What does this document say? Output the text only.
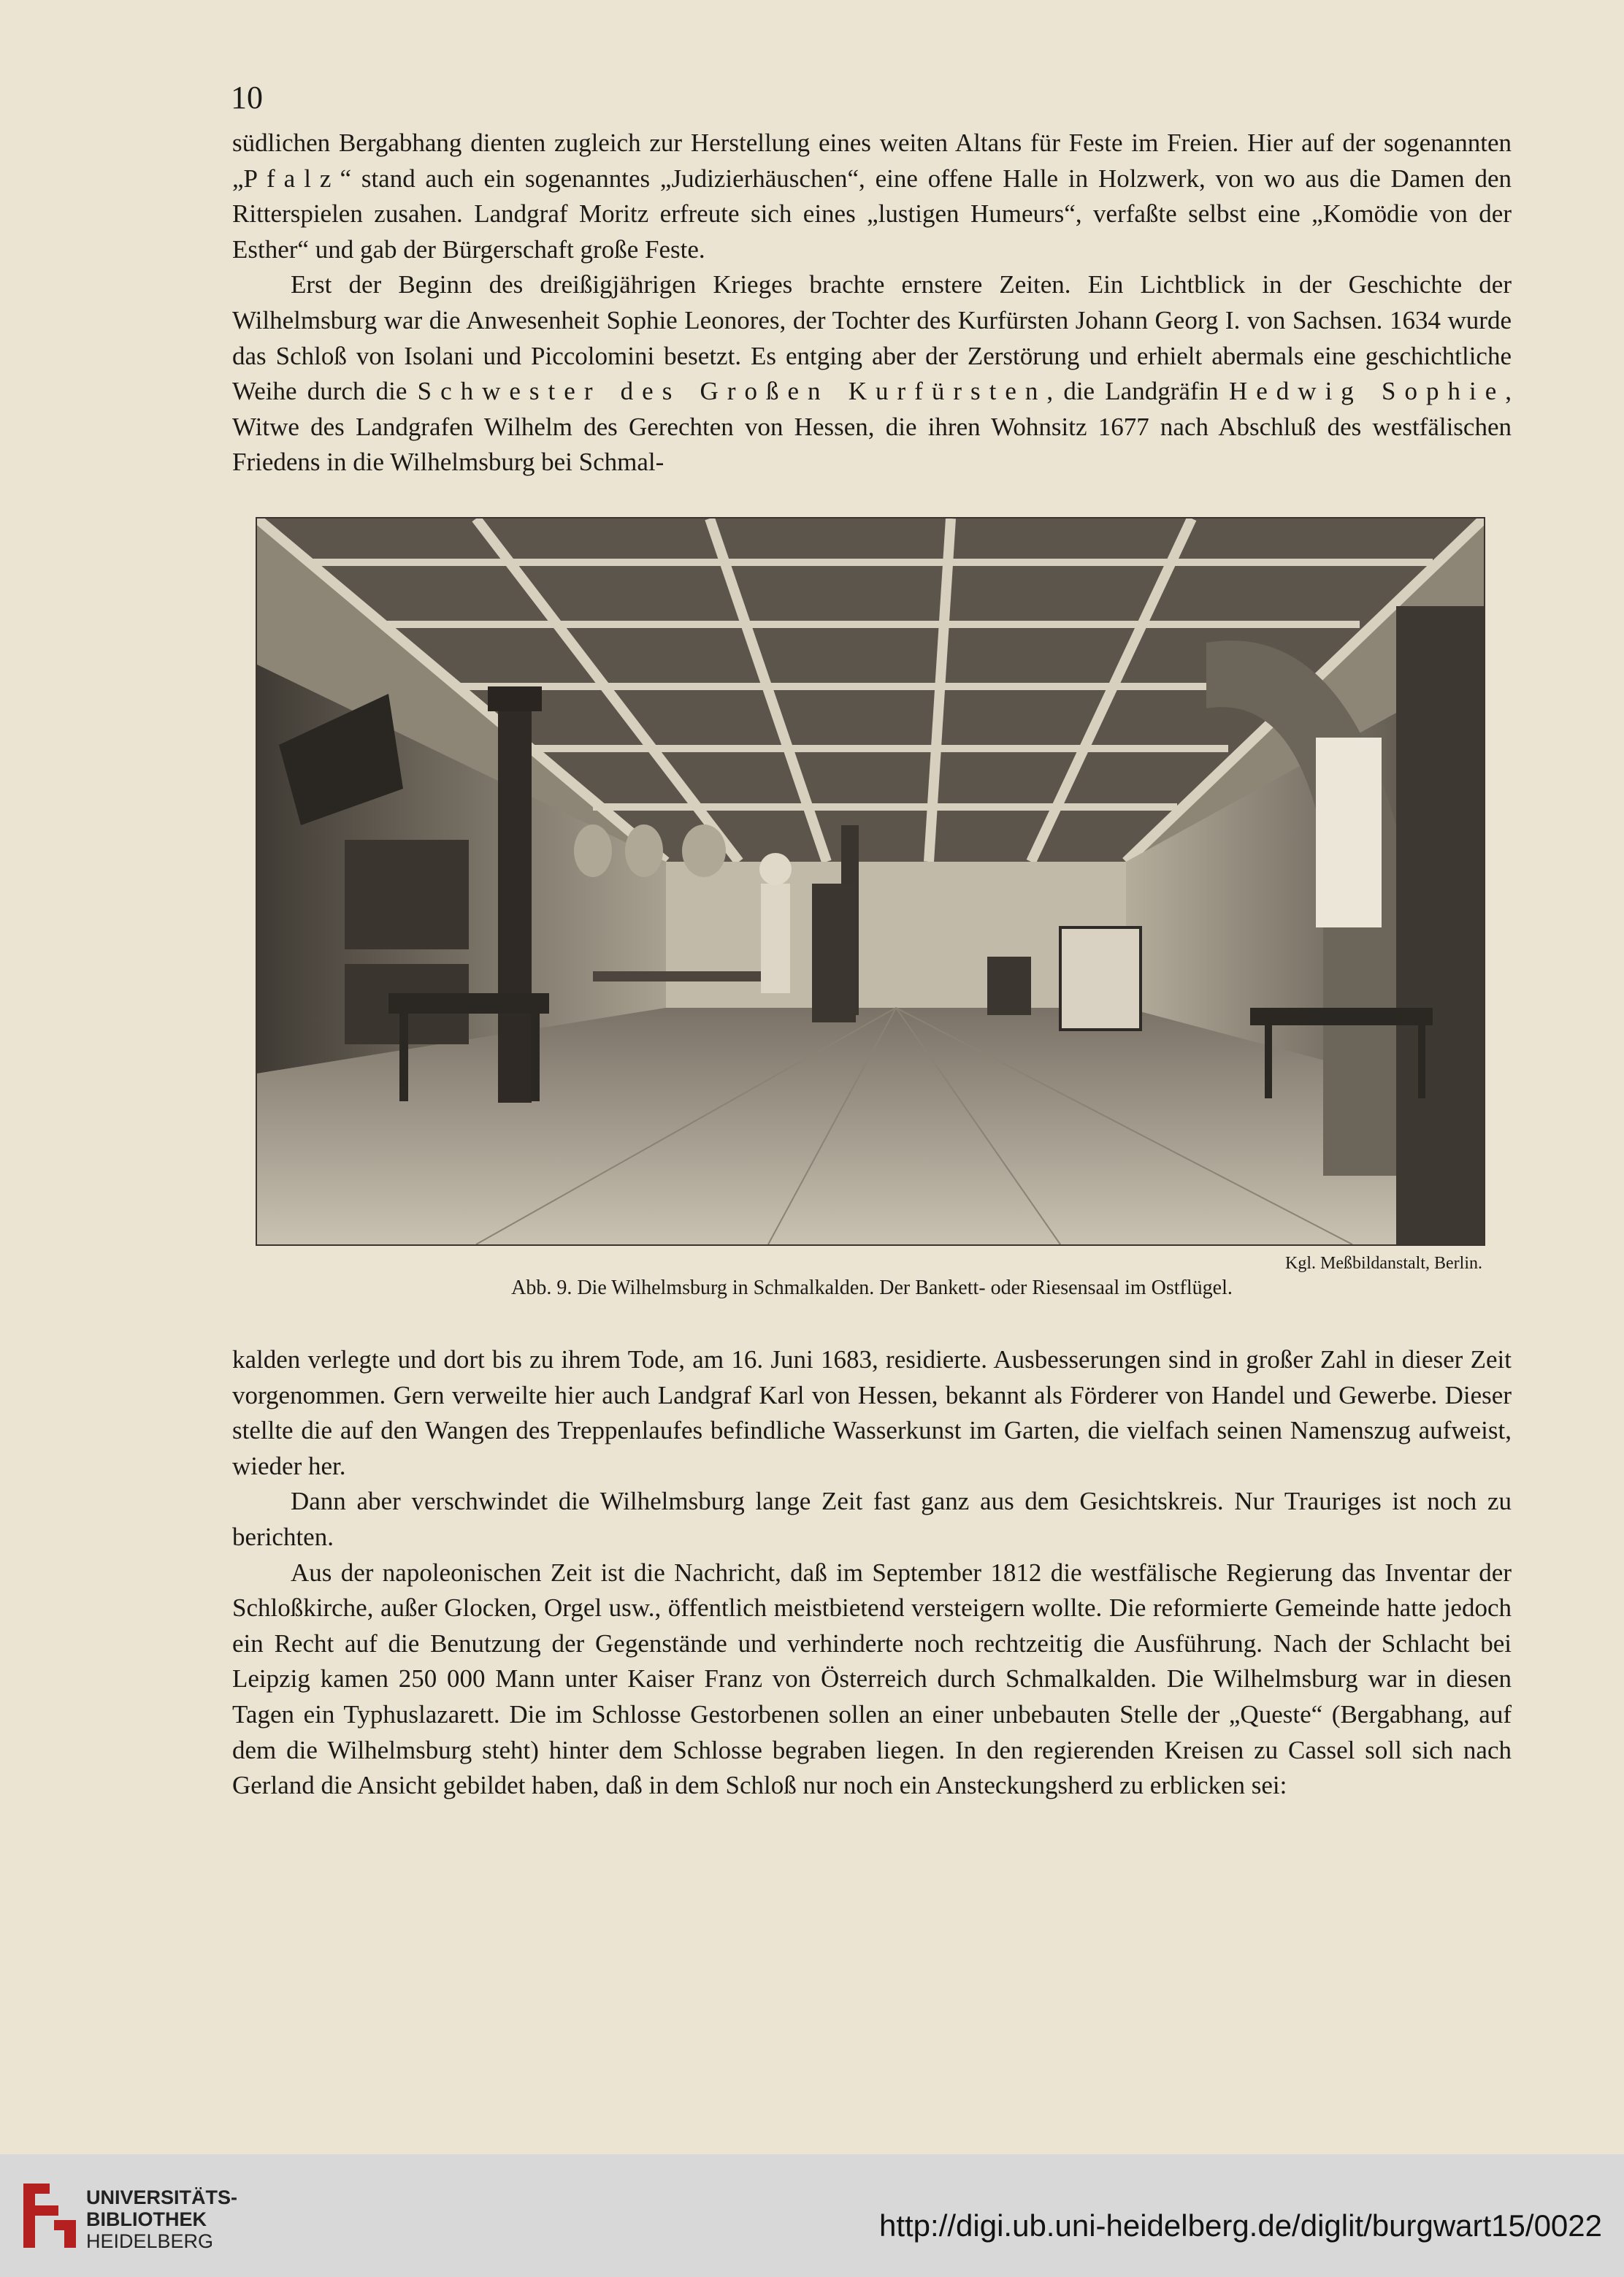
10

südlichen Bergabhang dienten zugleich zur Herstellung eines weiten Altans für Feste im Freien. Hier auf der sogenannten „Pfalz“ stand auch ein sogenanntes „Judizierhäuschen“, eine offene Halle in Holzwerk, von wo aus die Damen den Ritterspielen zusahen. Landgraf Moritz erfreute sich eines „lustigen Humeurs“, verfaßte selbst eine „Komödie von der Esther“ und gab der Bürgerschaft große Feste.

Erst der Beginn des dreißigjährigen Krieges brachte ernstere Zeiten. Ein Lichtblick in der Geschichte der Wilhelmsburg war die Anwesenheit Sophie Leonores, der Tochter des Kurfürsten Johann Georg I. von Sachsen. 1634 wurde das Schloß von Isolani und Piccolomini besetzt. Es entging aber der Zerstörung und erhielt abermals eine geschichtliche Weihe durch die Schwester des Großen Kurfürsten, die Landgräfin Hedwig Sophie, Witwe des Landgrafen Wilhelm des Gerechten von Hessen, die ihren Wohnsitz 1677 nach Abschluß des westfälischen Friedens in die Wilhelmsburg bei Schmal-

Kgl. Meßbildanstalt, Berlin.
Abb. 9. Die Wilhelmsburg in Schmalkalden. Der Bankett- oder Riesensaal im Ostflügel.

kalden verlegte und dort bis zu ihrem Tode, am 16. Juni 1683, residierte. Ausbesserungen sind in großer Zahl in dieser Zeit vorgenommen. Gern verweilte hier auch Landgraf Karl von Hessen, bekannt als Förderer von Handel und Gewerbe. Dieser stellte die auf den Wangen des Treppenlaufes befindliche Wasserkunst im Garten, die vielfach seinen Namenszug aufweist, wieder her.

Dann aber verschwindet die Wilhelmsburg lange Zeit fast ganz aus dem Gesichtskreis. Nur Trauriges ist noch zu berichten.

Aus der napoleonischen Zeit ist die Nachricht, daß im September 1812 die westfälische Regierung das Inventar der Schloßkirche, außer Glocken, Orgel usw., öffentlich meistbietend versteigern wollte. Die reformierte Gemeinde hatte jedoch ein Recht auf die Benutzung der Gegenstände und verhinderte noch rechtzeitig die Ausführung. Nach der Schlacht bei Leipzig kamen 250 000 Mann unter Kaiser Franz von Österreich durch Schmalkalden. Die Wilhelmsburg war in diesen Tagen ein Typhuslazarett. Die im Schlosse Gestorbenen sollen an einer unbebauten Stelle der „Queste“ (Bergabhang, auf dem die Wilhelmsburg steht) hinter dem Schlosse begraben liegen. In den regierenden Kreisen zu Cassel soll sich nach Gerland die Ansicht gebildet haben, daß in dem Schloß nur noch ein Ansteckungsherd zu erblicken sei:

UNIVERSITÄTS-
BIBLIOTHEK
HEIDELBERG	http://digi.ub.uni-heidelberg.de/diglit/burgwart15/0022
